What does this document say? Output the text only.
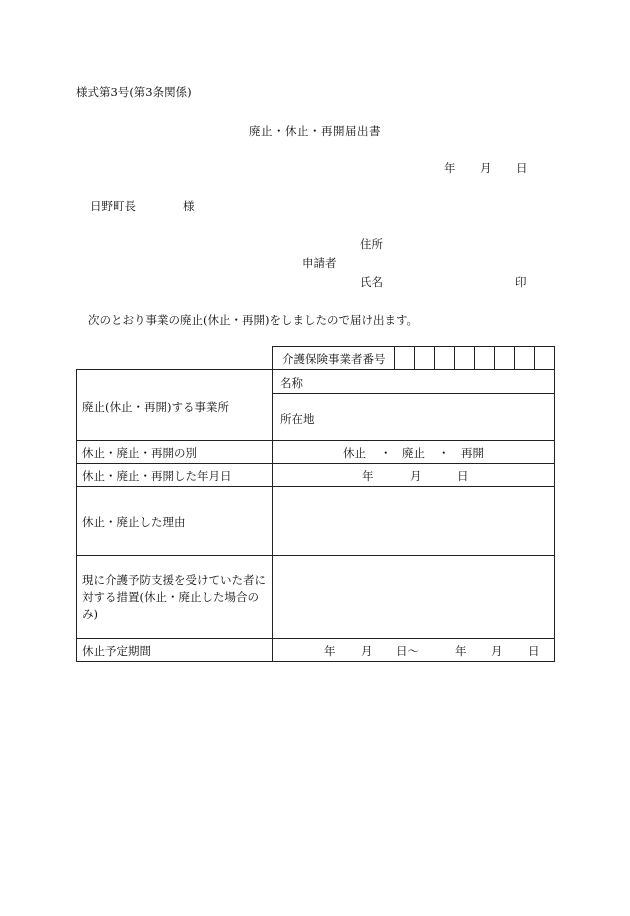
様式第3号(第3条関係)
廃止・休止・再開届出書
年 月 日
日野町長	様
住所
申請者
氏名	印
次のとおり事業の廃止(休止・再開)をしましたので届け出ます。
介護保険事業者番号
廃止(休止・再開)する事業所
名称
所在地
休止・廃止・再開の別	休止 ・ 廃止 ・ 再開
休止・廃止・再開した年月日	年	月	日
休止・廃止した理由
現に介護予防支援を受けていた者に対する措置(休止・廃止した場合のみ)
休止予定期間	年 月 日〜	年 月 日
